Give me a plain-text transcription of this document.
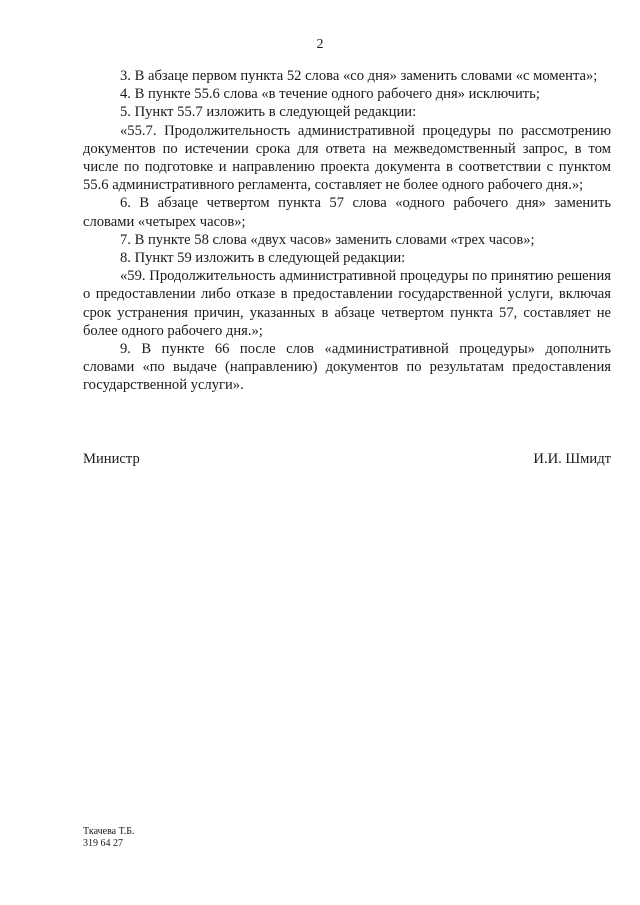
2

3. В абзаце первом пункта 52 слова «со дня» заменить словами «с момента»;

4. В пункте 55.6 слова «в течение одного рабочего дня» исключить;

5. Пункт 55.7 изложить в следующей редакции:

«55.7. Продолжительность административной процедуры по рассмотрению документов по истечении срока для ответа на межведомственный запрос, в том числе по подготовке и направлению проекта документа в соответствии с пунктом 55.6 административного регламента, составляет не более одного рабочего дня.»;

6. В абзаце четвертом пункта 57 слова «одного рабочего дня» заменить словами «четырех часов»;

7. В пункте 58 слова «двух часов» заменить словами «трех часов»;

8. Пункт 59 изложить в следующей редакции:

«59. Продолжительность административной процедуры по принятию решения о предоставлении либо отказе в предоставлении государственной услуги, включая срок устранения причин, указанных в абзаце четвертом пункта 57, составляет не более одного рабочего дня.»;

9. В пункте 66 после слов «административной процедуры» дополнить словами «по выдаче (направлению) документов по результатам предоставления государственной услуги».

Министр	И.И. Шмидт
Ткачева Т.Б.
319 64 27
